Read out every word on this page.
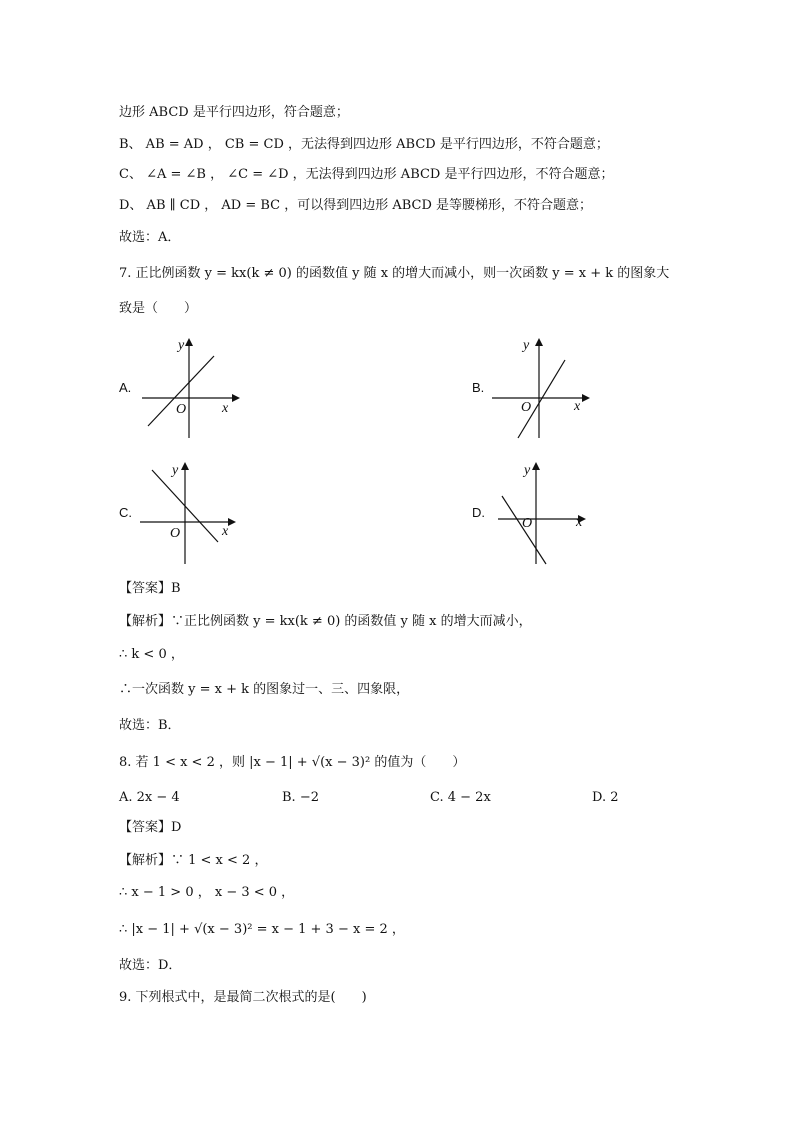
边形 ABCD 是平行四边形，符合题意；
B、 AB = AD ， CB = CD ，无法得到四边形 ABCD 是平行四边形，不符合题意；
C、 ∠A = ∠B ， ∠C = ∠D ，无法得到四边形 ABCD 是平行四边形，不符合题意；
D、 AB ∥ CD ， AD = BC ，可以得到四边形 ABCD 是等腰梯形，不符合题意；
故选：A．
7. 正比例函数 y = kx(k ≠ 0) 的函数值 y 随 x 的增大而减小，则一次函数 y = x + k 的图象大
致是（　　）
A.
y
x
O
B.
y
x
O
C.
y
x
O
D.
y
x
O
【答案】B
【解析】∵正比例函数 y = kx(k ≠ 0) 的函数值 y 随 x 的增大而减小，
∴ k < 0 ，
∴一次函数 y = x + k 的图象过一、三、四象限，
故选：B．
8. 若 1 < x < 2 ，则 |x − 1| + √(x − 3)² 的值为（　　）
A. 2x − 4	B. −2	C. 4 − 2x	D. 2
【答案】D
【解析】∵ 1 < x < 2 ，
∴ x − 1 > 0 ， x − 3 < 0 ，
∴ |x − 1| + √(x − 3)² = x − 1 + 3 − x = 2 ，
故选：D．
9. 下列根式中，是最简二次根式的是(　　)
